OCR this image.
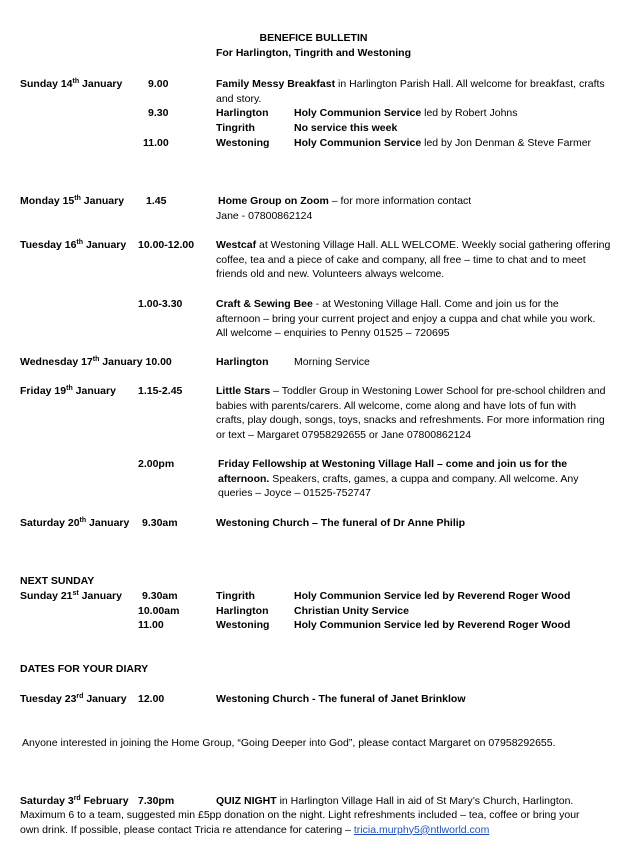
BENEFICE BULLETIN
For Harlington, Tingrith and Westoning
Sunday 14th January 9.00	Family Messy Breakfast in Harlington Parish Hall. All welcome for breakfast, crafts and story.
9.30	Harlington Holy Communion Service led by Robert Johns
Tingrith	No service this week
11.00	Westoning Holy Communion Service led by Jon Denman & Steve Farmer
Monday 15th January 1.45	Home Group on Zoom – for more information contact
Jane - 07800862124
Tuesday 16th January 10.00-12.00 Westcaf at Westoning Village Hall. ALL WELCOME. Weekly social gathering offering coffee, tea and a piece of cake and company, all free – time to chat and to meet friends old and new. Volunteers always welcome.
1.00-3.30	Craft & Sewing Bee - at Westoning Village Hall. Come and join us for the afternoon – bring your current project and enjoy a cuppa and chat while you work. All welcome – enquiries to Penny 01525 – 720695
Wednesday 17th January 10.00	Harlington Morning Service
Friday 19th January 1.15-2.45	Little Stars – Toddler Group in Westoning Lower School for pre-school children and babies with parents/carers. All welcome, come along and have lots of fun with crafts, play dough, songs, toys, snacks and refreshments. For more information ring or text – Margaret 07958292655 or Jane 07800862124
2.00pm	Friday Fellowship at Westoning Village Hall – come and join us for the afternoon. Speakers, crafts, games, a cuppa and company. All welcome. Any queries – Joyce – 01525-752747
Saturday 20th January 9.30am	Westoning Church – The funeral of Dr Anne Philip
NEXT SUNDAY
Sunday 21st January 9.30am	Tingrith	Holy Communion Service led by Reverend Roger Wood
10.00am	Harlington Christian Unity Service
11.00	Westoning Holy Communion Service led by Reverend Roger Wood
DATES FOR YOUR DIARY
Tuesday 23rd January 12.00	Westoning Church - The funeral of Janet Brinklow
Anyone interested in joining the Home Group, “Going Deeper into God”, please contact Margaret on 07958292655.
Saturday 3rd February 7.30pm	QUIZ NIGHT in Harlington Village Hall in aid of St Mary’s Church, Harlington.
Maximum 6 to a team, suggested min £5pp donation on the night. Light refreshments included – tea, coffee or bring your own drink. If possible, please contact Tricia re attendance for catering – tricia.murphy5@ntlworld.com
